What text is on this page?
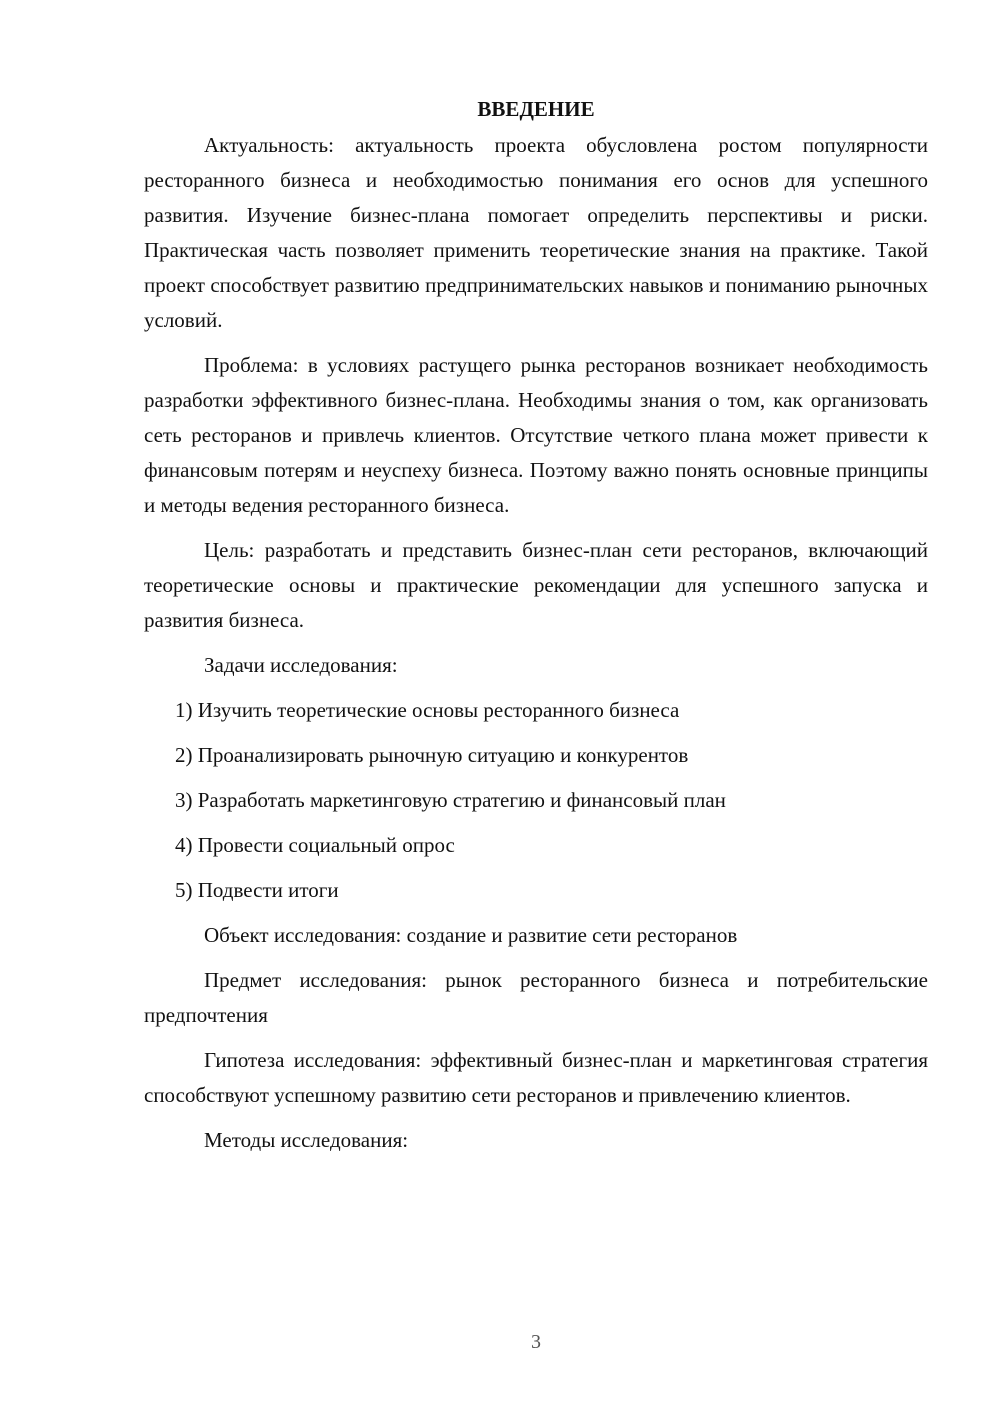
ВВЕДЕНИЕ

Актуальность: актуальность проекта обусловлена ростом популярности ресторанного бизнеса и необходимостью понимания его основ для успешного развития. Изучение бизнес-плана помогает определить перспективы и риски. Практическая часть позволяет применить теоретические знания на практике. Такой проект способствует развитию предпринимательских навыков и пониманию рыночных условий.

Проблема: в условиях растущего рынка ресторанов возникает необходимость разработки эффективного бизнес-плана. Необходимы знания о том, как организовать сеть ресторанов и привлечь клиентов. Отсутствие четкого плана может привести к финансовым потерям и неуспеху бизнеса. Поэтому важно понять основные принципы и методы ведения ресторанного бизнеса.

Цель: разработать и представить бизнес-план сети ресторанов, включающий теоретические основы и практические рекомендации для успешного запуска и развития бизнеса.

Задачи исследования:

1) Изучить теоретические основы ресторанного бизнеса
2) Проанализировать рыночную ситуацию и конкурентов
3) Разработать маркетинговую стратегию и финансовый план
4) Провести социальный опрос
5) Подвести итоги

Объект исследования: создание и развитие сети ресторанов

Предмет исследования: рынок ресторанного бизнеса и потребительские предпочтения

Гипотеза исследования: эффективный бизнес-план и маркетинговая стратегия способствуют успешному развитию сети ресторанов и привлечению клиентов.

Методы исследования:

3
